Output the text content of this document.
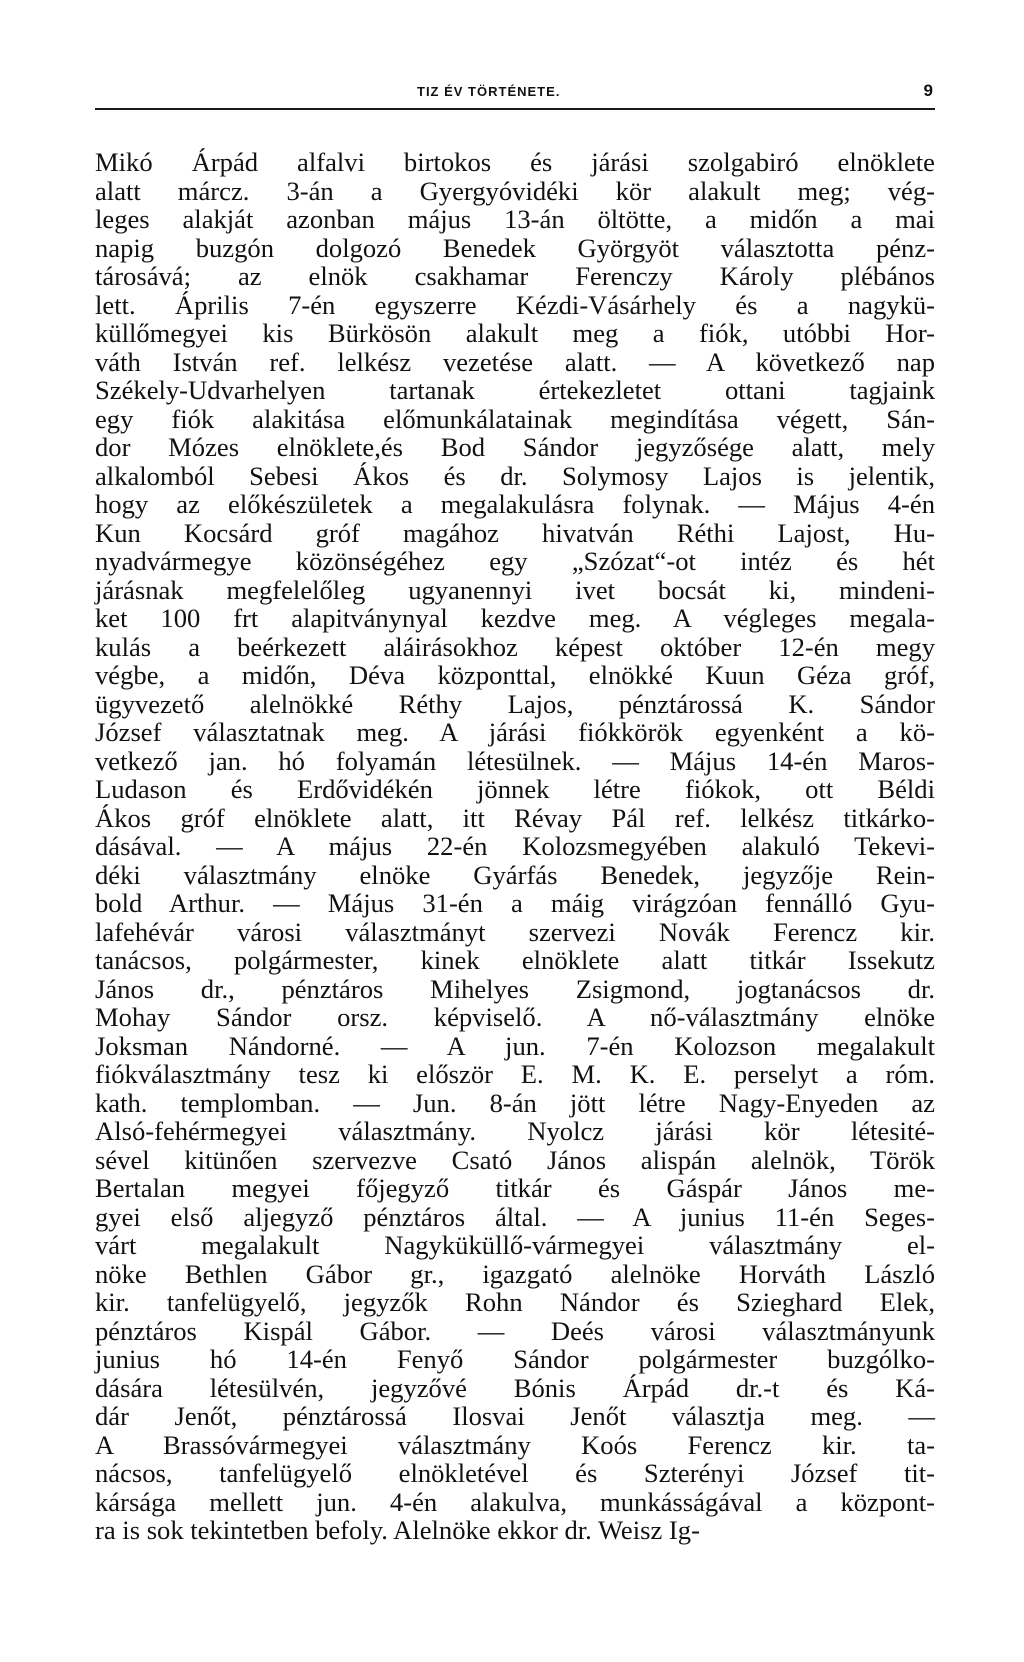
TIZ ÉV TÖRTÉNETE.	9
Mikó Árpád alfalvi birtokos és járási szolgabiró elnöklete
alatt márcz. 3-án a Gyergyóvidéki kör alakult meg; vég-
leges alakját azonban május 13-án öltötte, a midőn a mai
napig buzgón dolgozó Benedek Györgyöt választotta pénz-
tárosává; az elnök csakhamar Ferenczy Károly plébános
lett. Április 7-én egyszerre Kézdi-Vásárhely és a nagykü-
küllőmegyei kis Bürkösön alakult meg a fiók, utóbbi Hor-
váth István ref. lelkész vezetése alatt. — A következő nap
Székely-Udvarhelyen tartanak értekezletet ottani tagjaink
egy fiók alakitása előmunkálatainak megindítása végett, Sán-
dor Mózes elnöklete,és Bod Sándor jegyzősége alatt, mely
alkalomból Sebesi Ákos és dr. Solymosy Lajos is jelentik,
hogy az előkészületek a megalakulásra folynak. — Május 4-én
Kun Kocsárd gróf magához hivatván Réthi Lajost, Hu-
nyadvármegye közönségéhez egy „Szózat“-ot intéz és hét
járásnak megfelelőleg ugyanennyi ivet bocsát ki, mindeni-
ket 100 frt alapitványnyal kezdve meg. A végleges megala-
kulás a beérkezett aláirásokhoz képest október 12-én megy
végbe, a midőn, Déva központtal, elnökké Kuun Géza gróf,
ügyvezető alelnökké Réthy Lajos, pénztárossá K. Sándor
József választatnak meg. A járási fiókkörök egyenként a kö-
vetkező jan. hó folyamán létesülnek. — Május 14-én Maros-
Ludason és Erdővidékén jönnek létre fiókok, ott Béldi
Ákos gróf elnöklete alatt, itt Révay Pál ref. lelkész titkárko-
dásával. — A május 22-én Kolozsmegyében alakuló Tekevi-
déki választmány elnöke Gyárfás Benedek, jegyzője Rein-
bold Arthur. — Május 31-én a máig virágzóan fennálló Gyu-
lafehévár városi választmányt szervezi Novák Ferencz kir.
tanácsos, polgármester, kinek elnöklete alatt titkár Issekutz
János dr., pénztáros Mihelyes Zsigmond, jogtanácsos dr.
Mohay Sándor orsz. képviselő. A nő-választmány elnöke
Joksman Nándorné. — A jun. 7-én Kolozson megalakult
fiókválasztmány tesz ki először E. M. K. E. perselyt a róm.
kath. templomban. — Jun. 8-án jött létre Nagy-Enyeden az
Alsó-fehérmegyei választmány. Nyolcz járási kör létesité-
sével kitünően szervezve Csató János alispán alelnök, Török
Bertalan megyei főjegyző titkár és Gáspár János me-
gyei első aljegyző pénztáros által. — A junius 11-én Seges-
várt megalakult Nagyküküllő-vármegyei választmány el-
nöke Bethlen Gábor gr., igazgató alelnöke Horváth László
kir. tanfelügyelő, jegyzők Rohn Nándor és Szieghard Elek,
pénztáros Kispál Gábor. — Deés városi választmányunk
junius hó 14-én Fenyő Sándor polgármester buzgólko-
dására létesülvén, jegyzővé Bónis Árpád dr.-t és Ká-
dár Jenőt, pénztárossá Ilosvai Jenőt választja meg. —
A Brassóvármegyei választmány Koós Ferencz kir. ta-
nácsos, tanfelügyelő elnökletével és Szterényi József tit-
kársága mellett jun. 4-én alakulva, munkásságával a központ-
ra is sok tekintetben befoly. Alelnöke ekkor dr. Weisz Ig-
